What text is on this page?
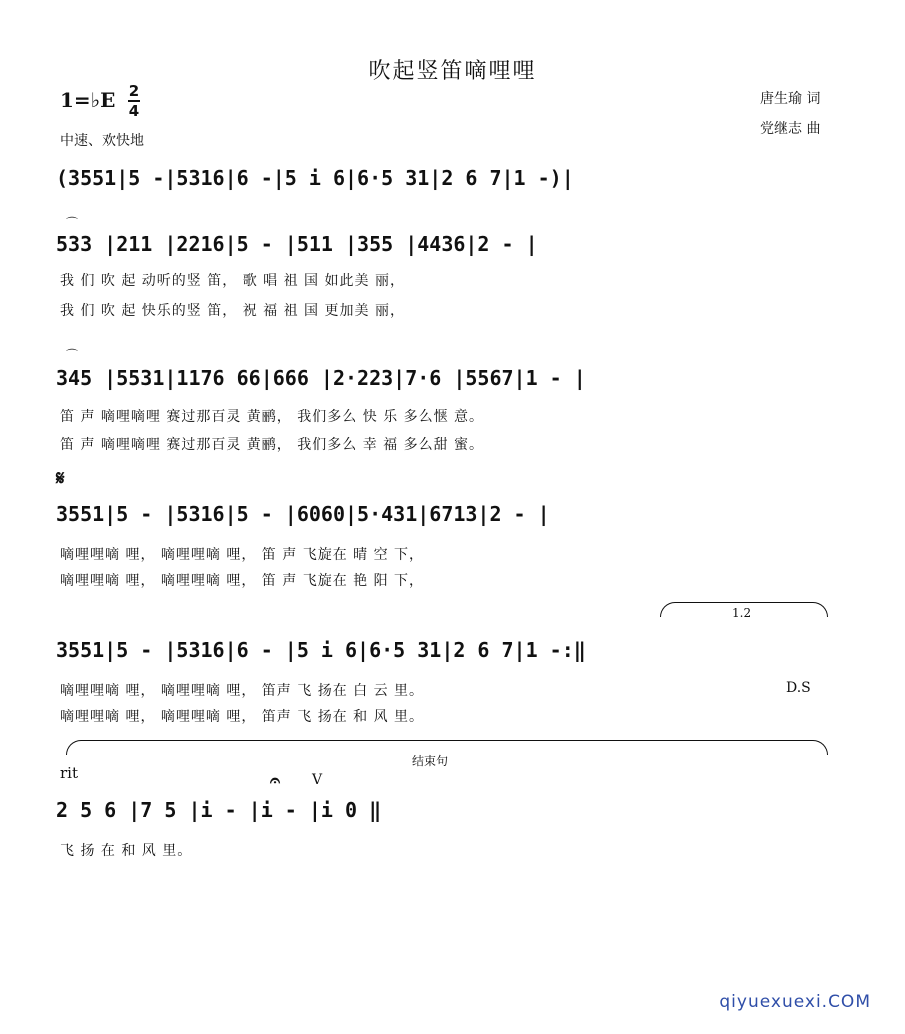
吹起竖笛嘀哩哩
1=♭E 2
4
中速、欢快地
唐生瑜 词
党继志 曲
(3551|5 -|5316|6 -|5 i 6|6·5 31|2 6 7|1 -)|
⌒
533 |211 |2216|5 - |511 |355 |4436|2 - |
我 们 吹 起 动听的竖 笛， 歌 唱 祖 国 如此美 丽，
我 们 吹 起 快乐的竖 笛， 祝 福 祖 国 更加美 丽，
⌒
345 |5531|1176 66|666 |2·223|7·6 |5567|1 - |
笛 声 嘀哩嘀哩 赛过那百灵 黄鹂， 我们多么 快 乐 多么惬 意。
笛 声 嘀哩嘀哩 赛过那百灵 黄鹂， 我们多么 幸 福 多么甜 蜜。
𝄋
3551|5 - |5316|5 - |6060|5·431|6713|2 - |
嘀哩哩嘀 哩， 嘀哩哩嘀 哩， 笛 声 飞旋在 晴 空 下，
嘀哩哩嘀 哩， 嘀哩哩嘀 哩， 笛 声 飞旋在 艳 阳 下，
1.2
3551|5 - |5316|6 - |5 i 6|6·5 31|2 6 7|1 -:‖
嘀哩哩嘀 哩， 嘀哩哩嘀 哩， 笛声 飞 扬在 白 云 里。	D.S
嘀哩哩嘀 哩， 嘀哩哩嘀 哩， 笛声 飞 扬在 和 风 里。
rit
结束句
𝄐 V
2 5 6 |7 5 |i - |i - |i 0 ‖
飞 扬 在 和 风 里。
qiyuexuexi.COM
